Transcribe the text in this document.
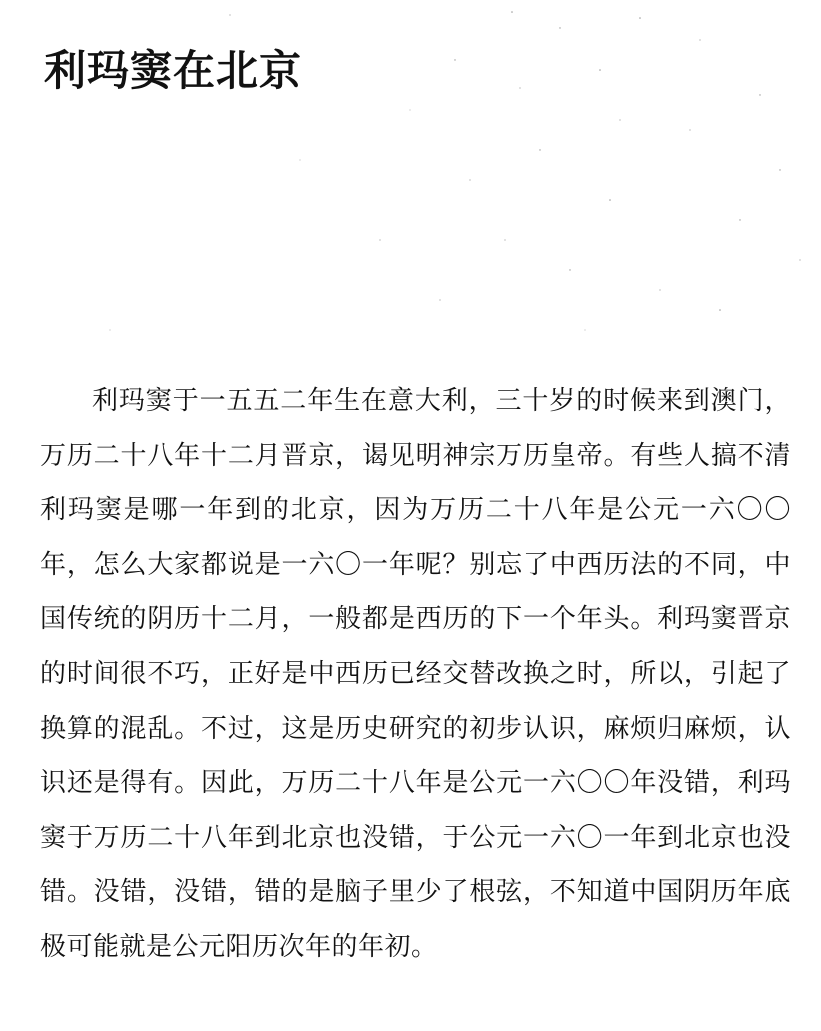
利玛窦在北京

利玛窦于一五五二年生在意大利，三十岁的时候来到澳门，万历二十八年十二月晋京，谒见明神宗万历皇帝。有些人搞不清利玛窦是哪一年到的北京，因为万历二十八年是公元一六〇〇年，怎么大家都说是一六〇一年呢？别忘了中西历法的不同，中国传统的阴历十二月，一般都是西历的下一个年头。利玛窦晋京的时间很不巧，正好是中西历已经交替改换之时，所以，引起了换算的混乱。不过，这是历史研究的初步认识，麻烦归麻烦，认识还是得有。因此，万历二十八年是公元一六〇〇年没错，利玛窦于万历二十八年到北京也没错，于公元一六〇一年到北京也没错。没错，没错，错的是脑子里少了根弦，不知道中国阴历年底极可能就是公元阳历次年的年初。
